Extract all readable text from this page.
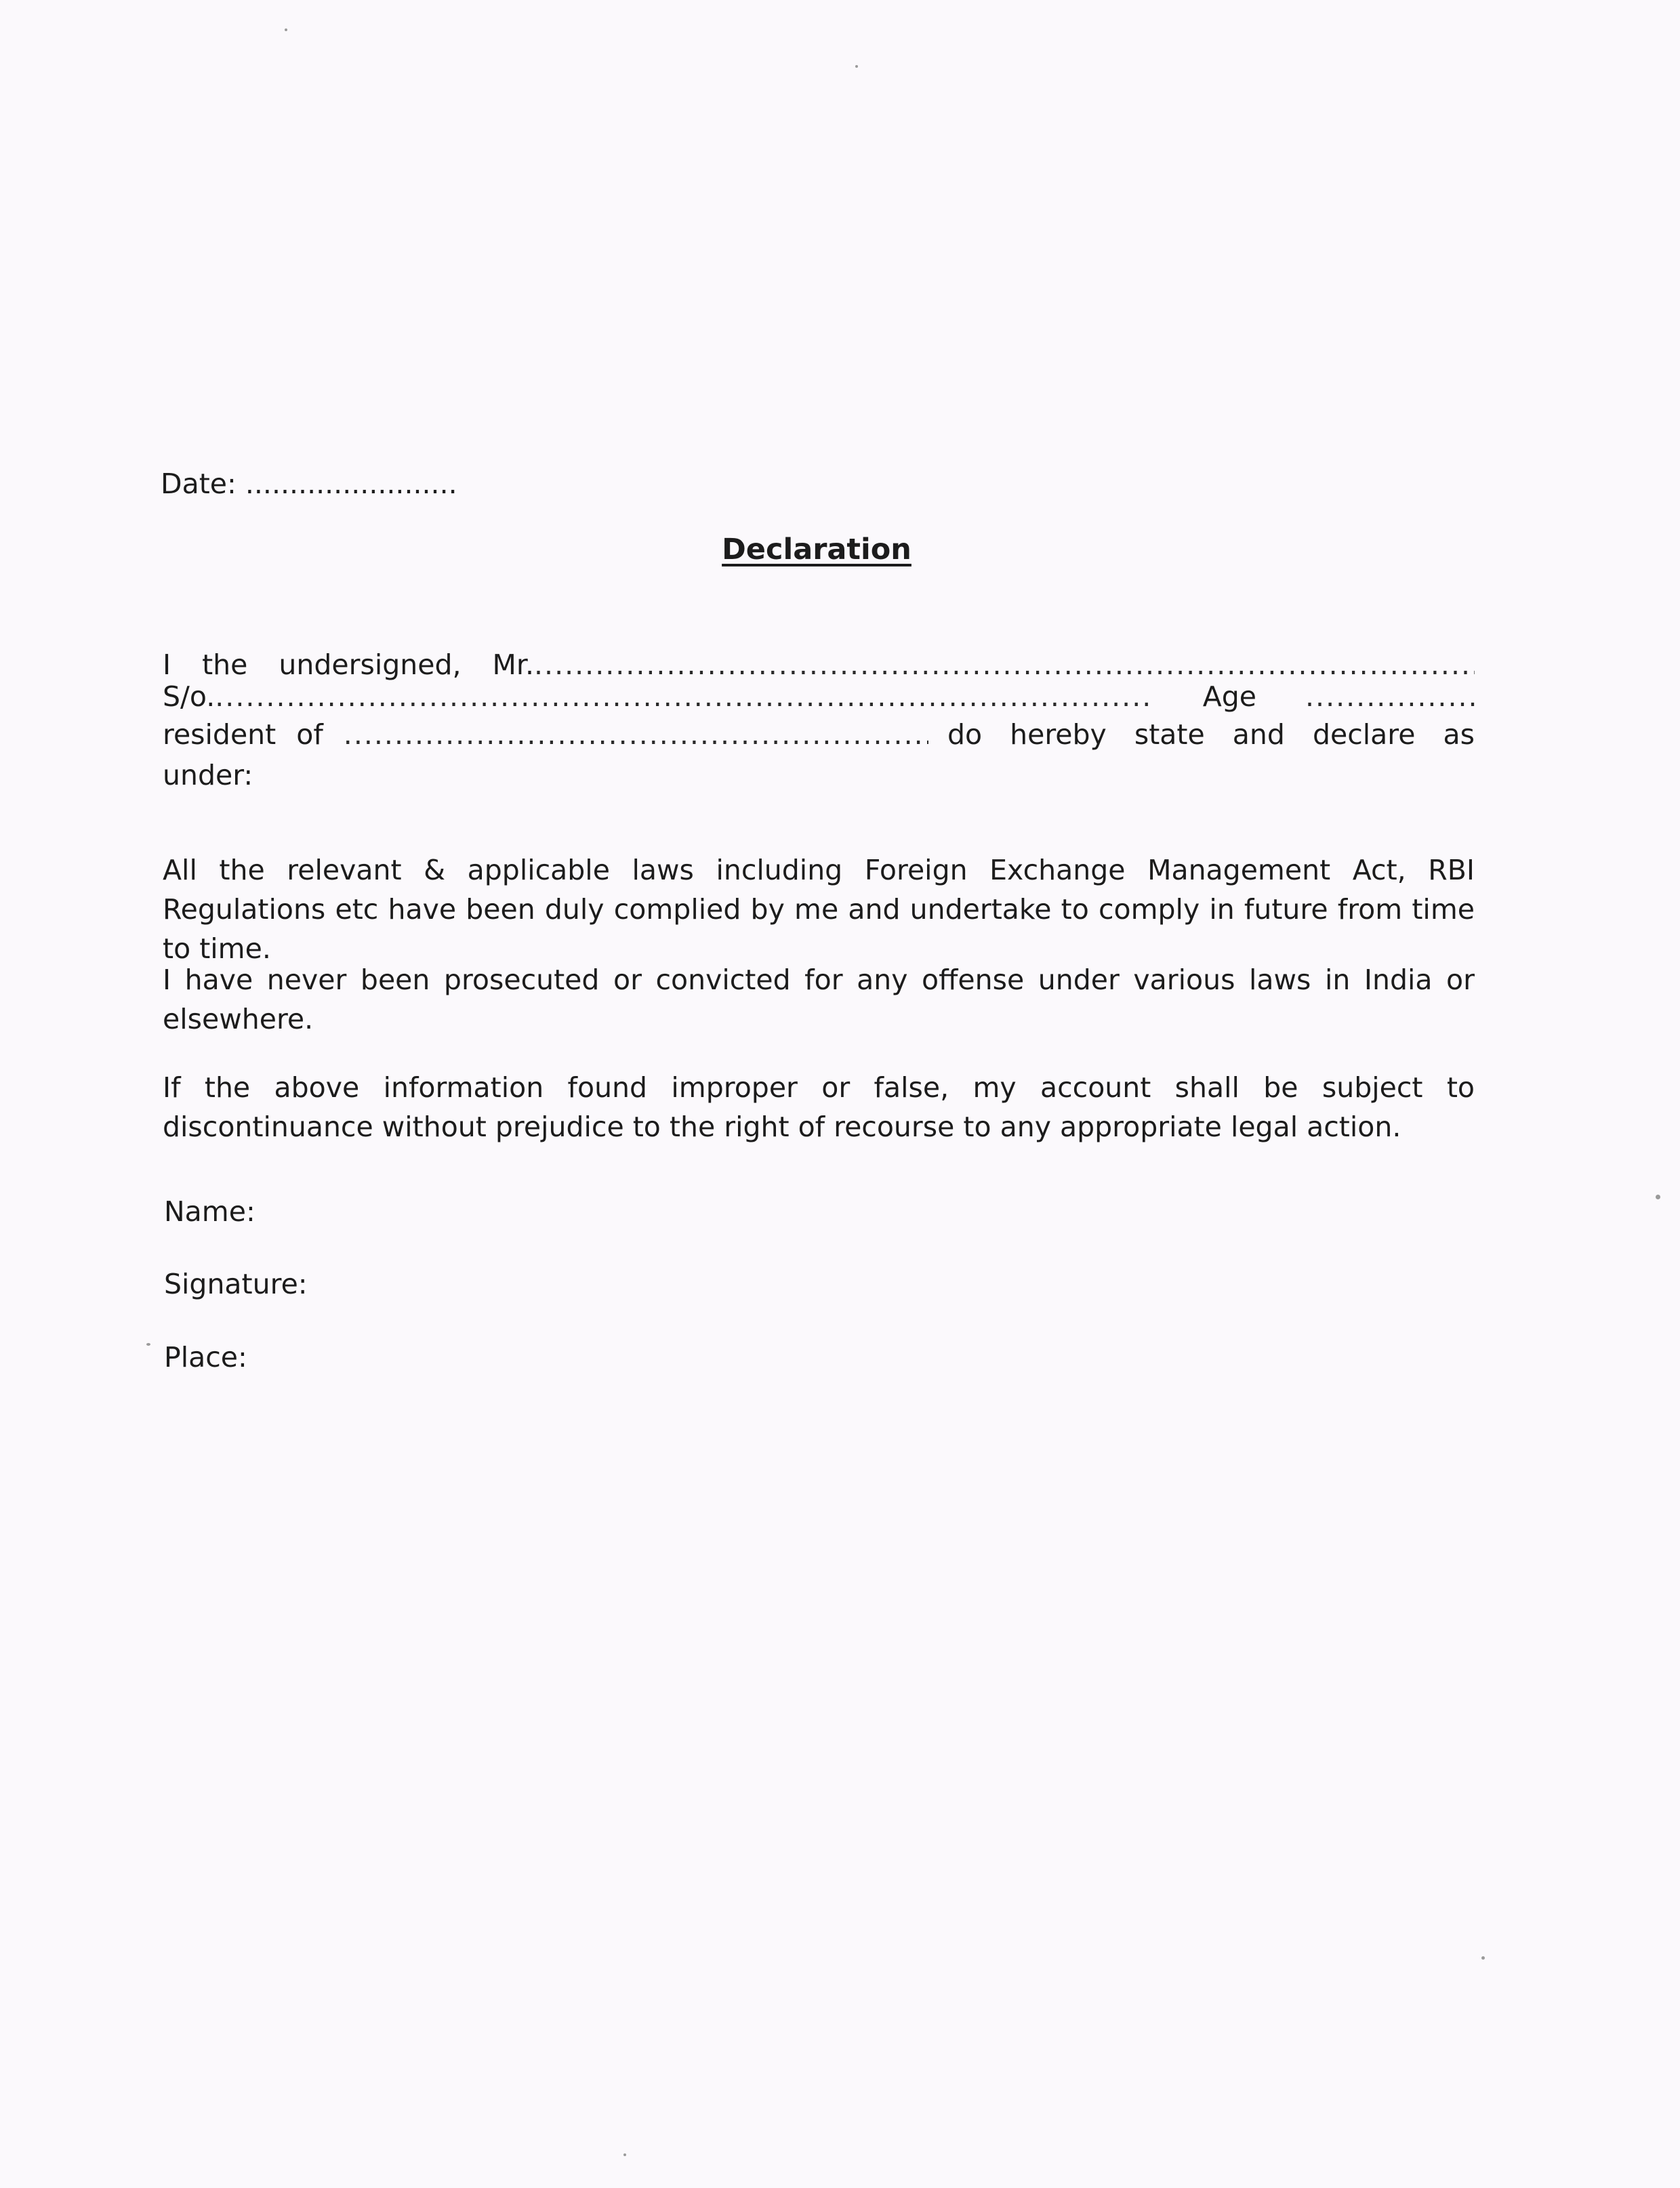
Date: ........................
Declaration
I the undersigned, Mr.
.....
S/o. .....	Age
.....
resident of .....	do hereby state and declare as
under:

All the relevant & applicable laws including Foreign Exchange Management Act, RBI Regulations etc have been duly complied by me and undertake to comply in future from time to time.

I have never been prosecuted or convicted for any offense under various laws in India or elsewhere.

If the above information found improper or false, my account shall be subject to discontinuance without prejudice to the right of recourse to any appropriate legal action.

Name:
Signature:
Place:
